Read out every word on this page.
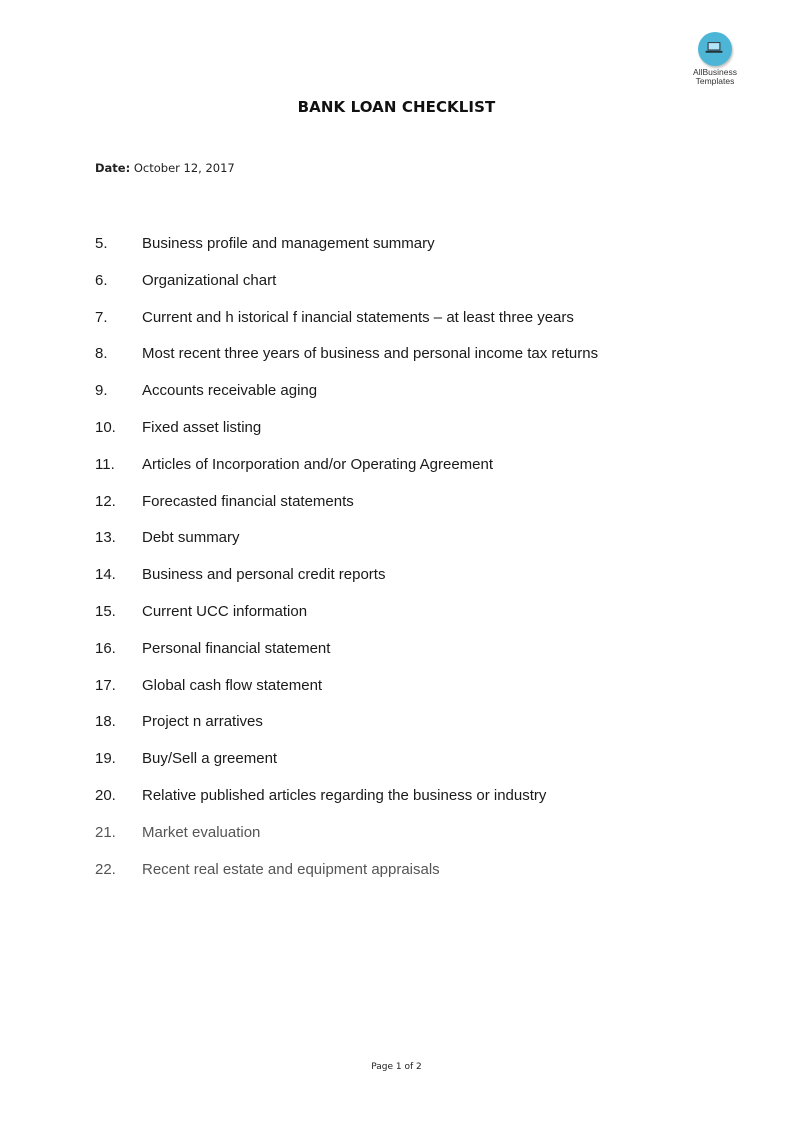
AllBusiness
Templates
BANK LOAN CHECKLIST
Date: October 12, 2017
5. Business profile and management summary
6. Organizational chart
7. Current and h istorical f inancial statements – at least three years
8. Most recent three years of business and personal income tax returns
9. Accounts receivable aging
10. Fixed asset listing
11. Articles of Incorporation and/or Operating Agreement
12. Forecasted financial statements
13. Debt summary
14. Business and personal credit reports
15. Current UCC information
16. Personal financial statement
17. Global cash flow statement
18. Project n arratives
19. Buy/Sell a greement
20. Relative published articles regarding the business or industry
21. Market evaluation
22. Recent real estate and equipment appraisals
Page 1 of 2
